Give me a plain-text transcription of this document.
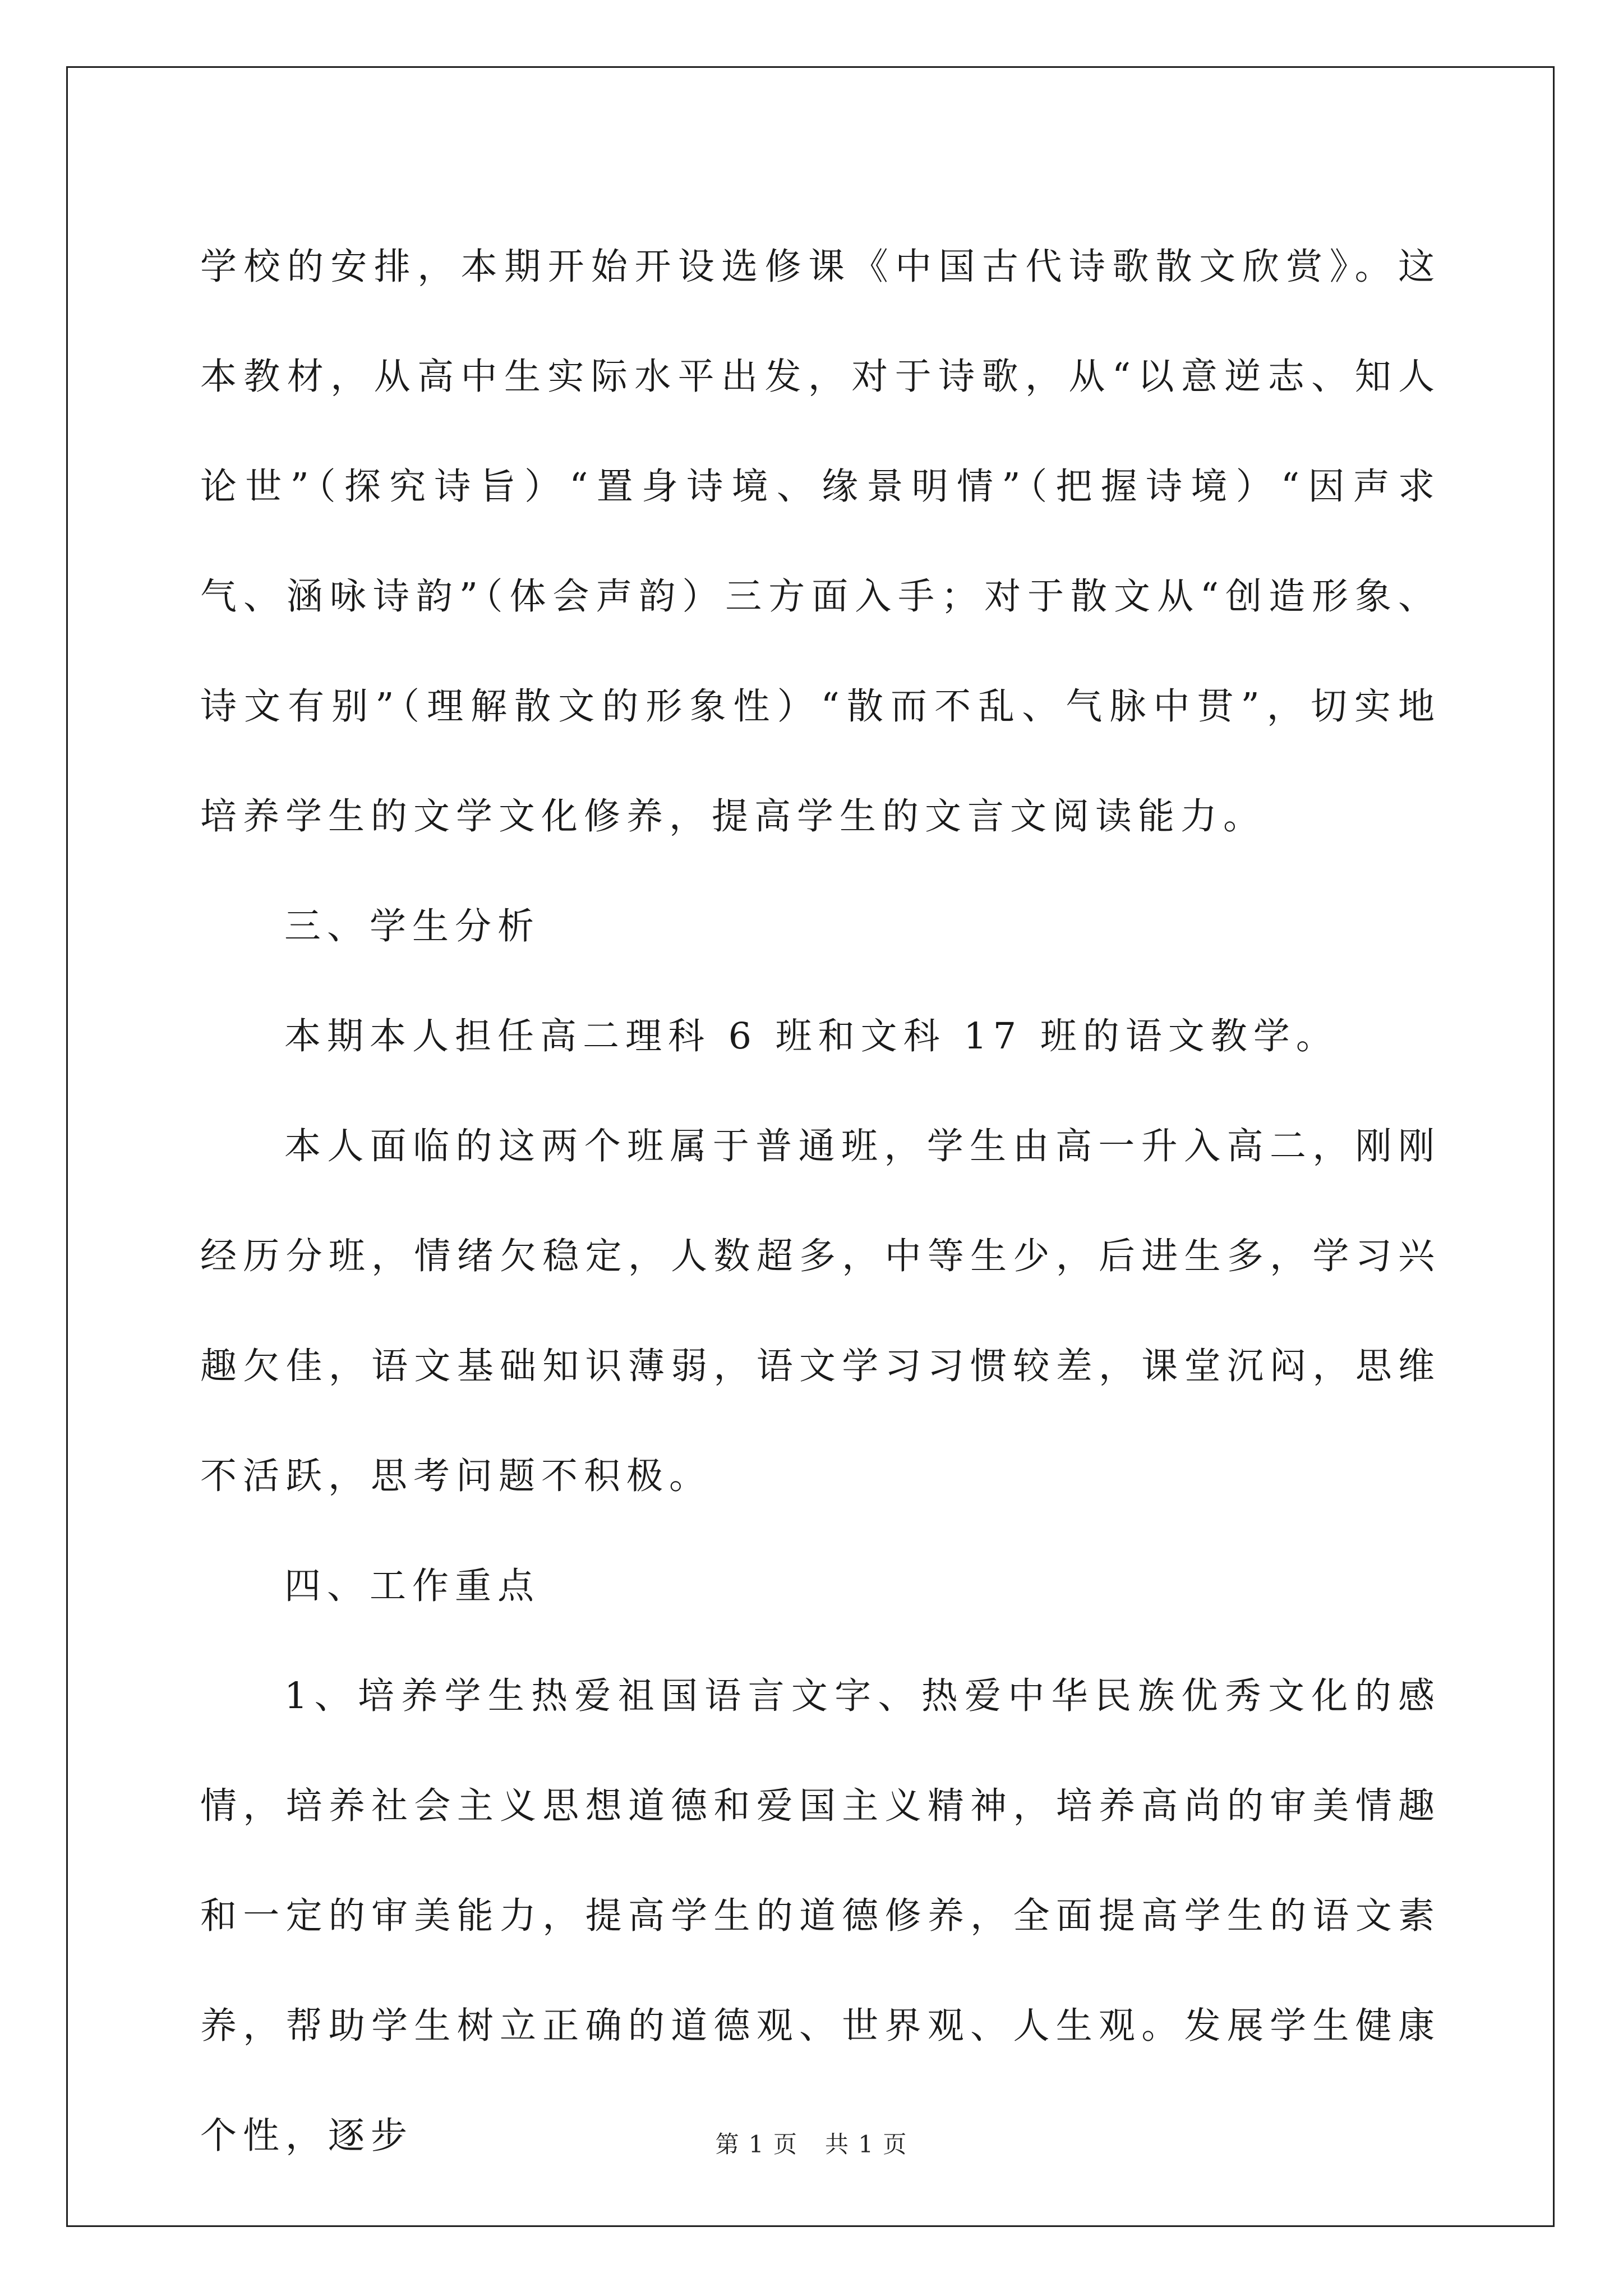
学校的安排，本期开始开设选修课《中国古代诗歌散文欣赏》。这本教材，从高中生实际水平出发，对于诗歌，从“以意逆志、知人论世”（探究诗旨）“置身诗境、缘景明情”（把握诗境）“因声求气、涵咏诗韵”（体会声韵）三方面入手；对于散文从“创造形象、诗文有别”（理解散文的形象性）“散而不乱、气脉中贯”，切实地培养学生的文学文化修养，提高学生的文言文阅读能力。

三、学生分析

本期本人担任高二理科 6 班和文科 17 班的语文教学。

本人面临的这两个班属于普通班，学生由高一升入高二，刚刚经历分班，情绪欠稳定，人数超多，中等生少，后进生多，学习兴趣欠佳，语文基础知识薄弱，语文学习习惯较差，课堂沉闷，思维不活跃，思考问题不积极。

四、工作重点

1、培养学生热爱祖国语言文字、热爱中华民族优秀文化的感情，培养社会主义思想道德和爱国主义精神，培养高尚的审美情趣和一定的审美能力，提高学生的道德修养，全面提高学生的语文素养，帮助学生树立正确的道德观、世界观、人生观。发展学生健康个性，逐步	第 1 页 共 1 页
